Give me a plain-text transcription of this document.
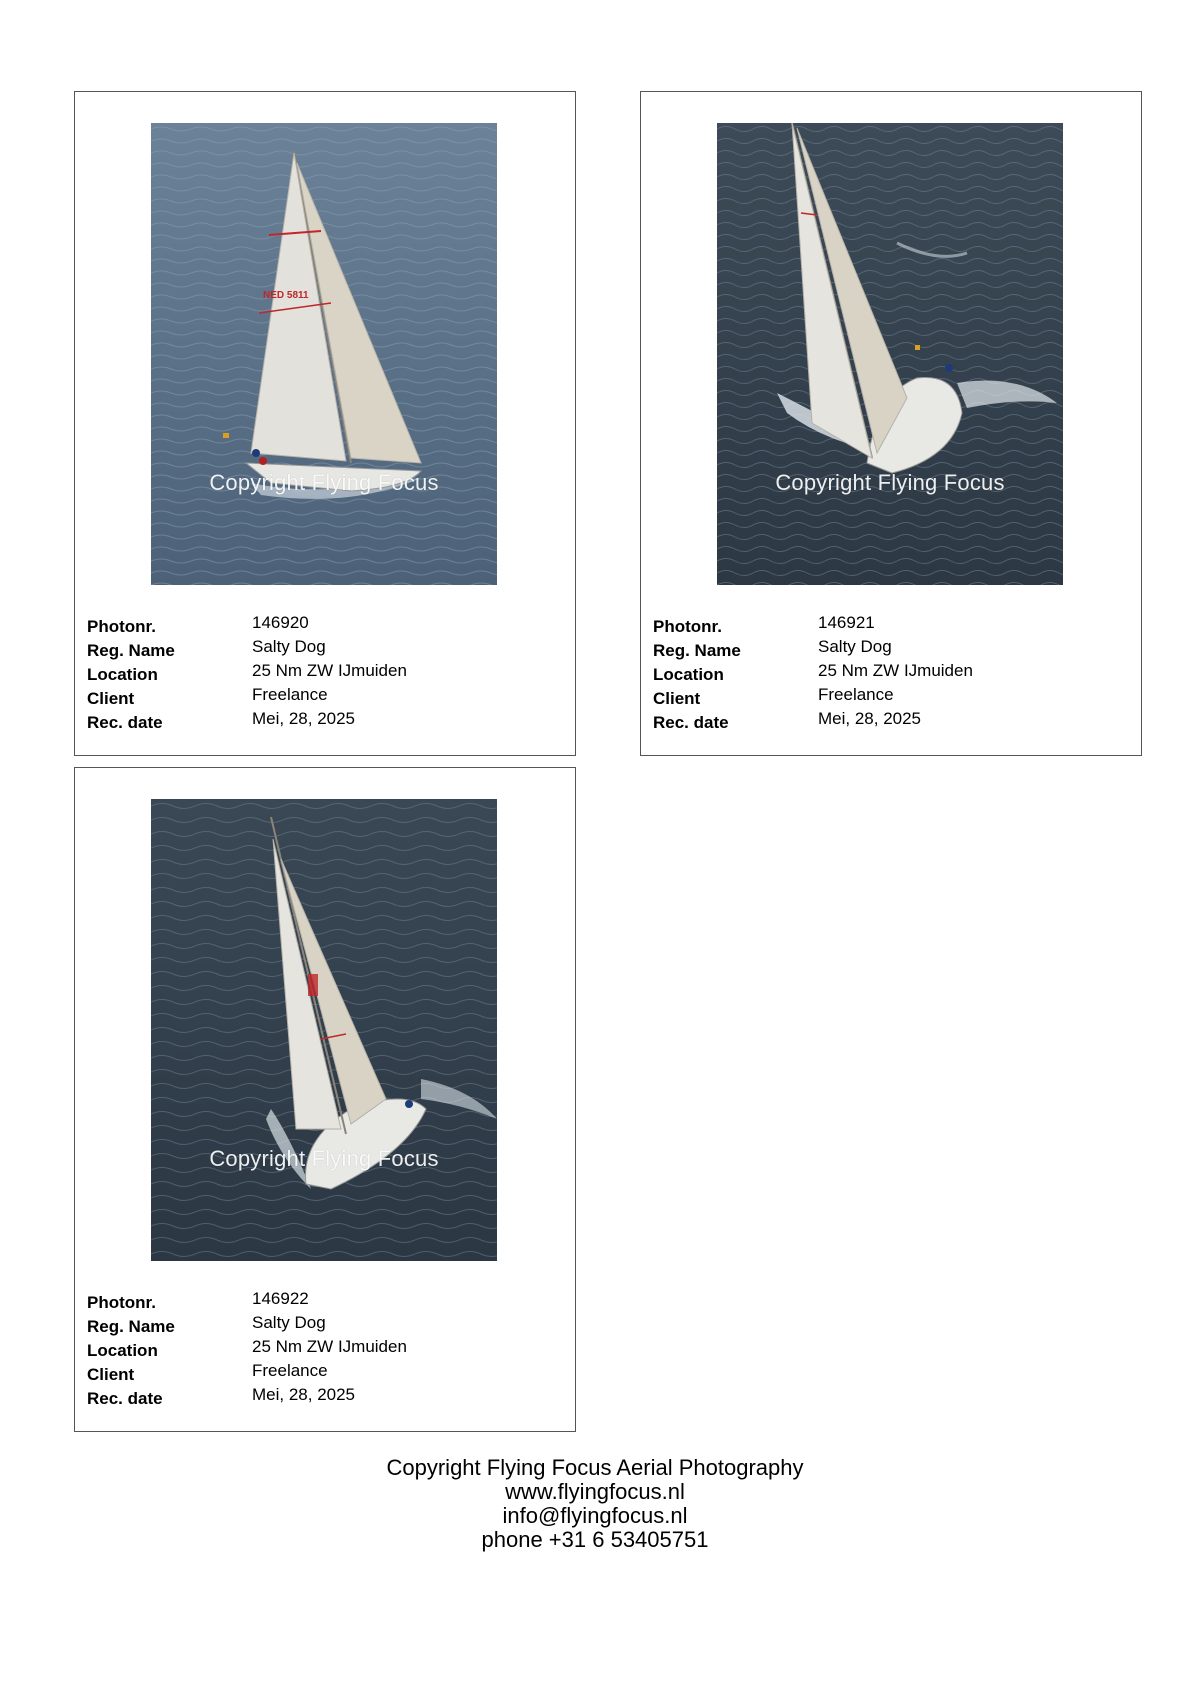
NED 5811
Copyright Flying Focus
Photonr.	146920
Reg. Name	Salty Dog
Location	25 Nm ZW IJmuiden
Client	Freelance
Rec. date	Mei, 28, 2025
Copyright Flying Focus
Photonr.	146921
Reg. Name	Salty Dog
Location	25 Nm ZW IJmuiden
Client	Freelance
Rec. date	Mei, 28, 2025
Copyright Flying Focus
Photonr.	146922
Reg. Name	Salty Dog
Location	25 Nm ZW IJmuiden
Client	Freelance
Rec. date	Mei, 28, 2025
Copyright Flying Focus Aerial Photography
www.flyingfocus.nl
info@flyingfocus.nl
phone +31 6 53405751
